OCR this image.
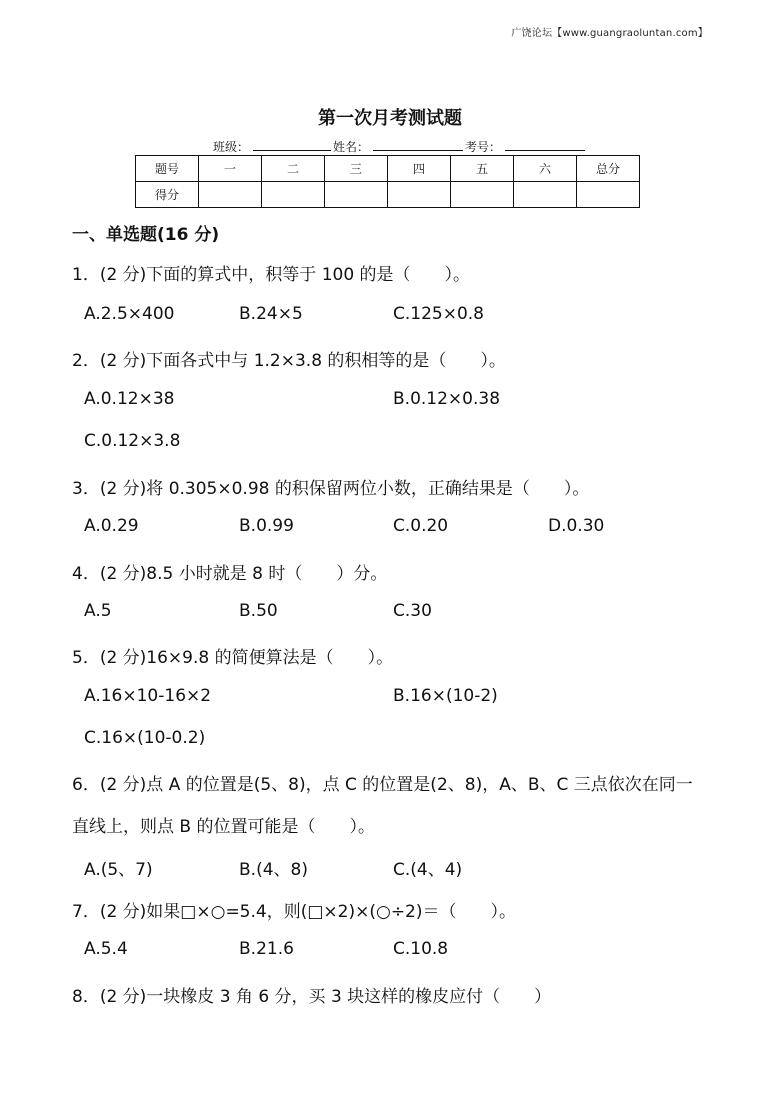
广饶论坛【www.guangraoluntan.com】
第一次月考测试题
班级：	姓名：	考号：
题号	一	二	三	四	五	六	总分
得分							
一、单选题(16 分)
1．(2 分)下面的算式中，积等于 100 的是（　　）。
A.2.5×400	B.24×5	C.125×0.8
2．(2 分)下面各式中与 1.2×3.8 的积相等的是（　　）。
A.0.12×38	B.0.12×0.38
C.0.12×3.8
3．(2 分)将 0.305×0.98 的积保留两位小数，正确结果是（　　）。
A.0.29	B.0.99	C.0.20	D.0.30
4．(2 分)8.5 小时就是 8 时（　　）分。
A.5	B.50	C.30
5．(2 分)16×9.8 的简便算法是（　　）。
A.16×10-16×2	B.16×(10-2)
C.16×(10-0.2)
6．(2 分)点 A 的位置是(5、8)，点 C 的位置是(2、8)，A、B、C 三点依次在同一
直线上，则点 B 的位置可能是（　　）。
A.(5、7)	B.(4、8)	C.(4、4)
7．(2 分)如果□×○=5.4，则(□×2)×(○÷2)＝（　　）。
A.5.4	B.21.6	C.10.8
8．(2 分)一块橡皮 3 角 6 分，买 3 块这样的橡皮应付（　　）
